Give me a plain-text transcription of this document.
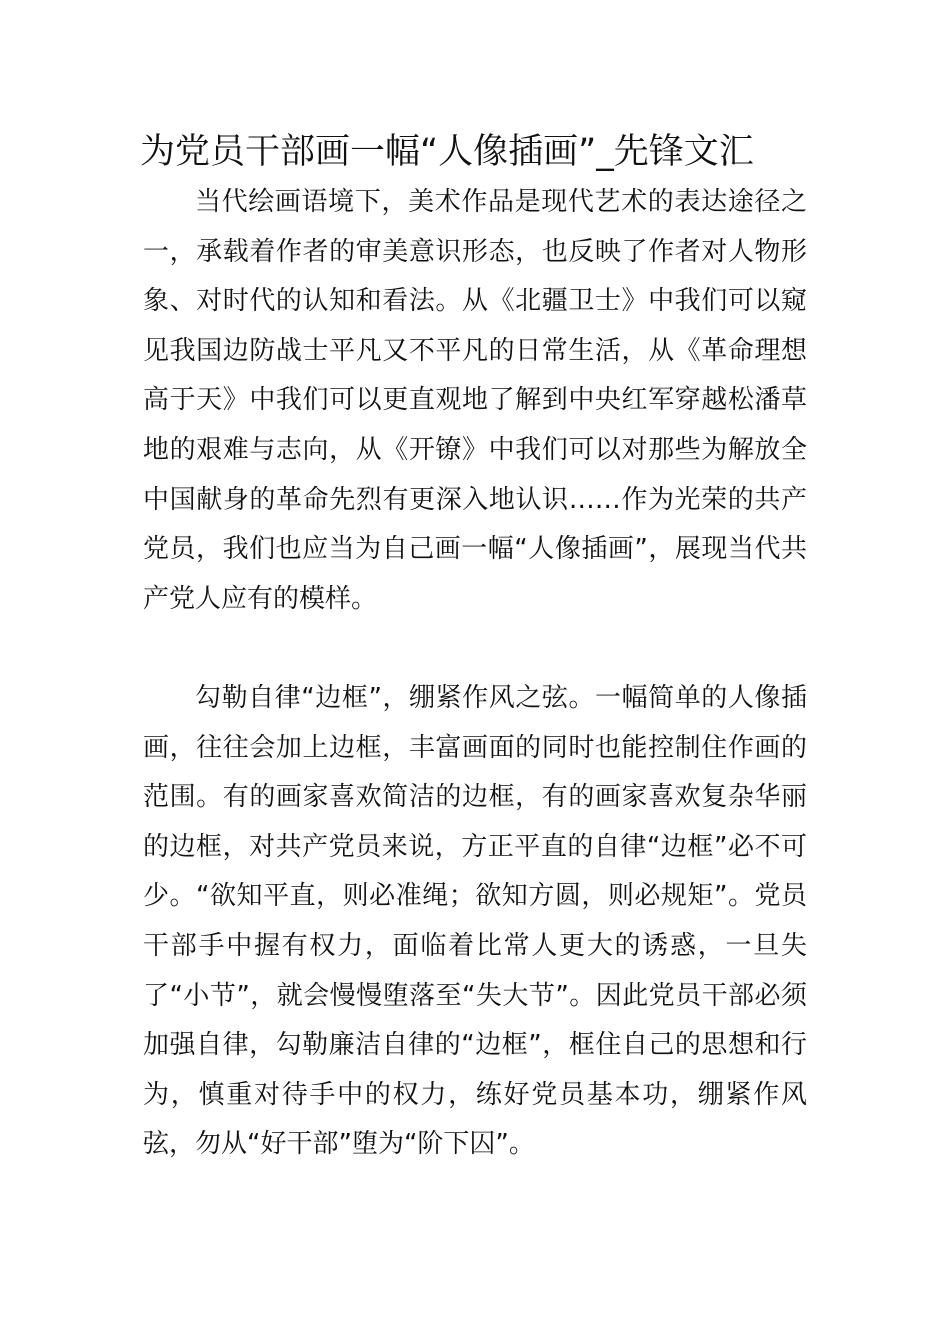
为党员干部画一幅“人像插画”_先锋文汇

当代绘画语境下，美术作品是现代艺术的表达途径之一，承载着作者的审美意识形态，也反映了作者对人物形象、对时代的认知和看法。从《北疆卫士》中我们可以窥见我国边防战士平凡又不平凡的日常生活，从《革命理想高于天》中我们可以更直观地了解到中央红军穿越松潘草地的艰难与志向，从《开镣》中我们可以对那些为解放全中国献身的革命先烈有更深入地认识……作为光荣的共产党员，我们也应当为自己画一幅“人像插画”，展现当代共产党人应有的模样。

勾勒自律“边框”，绷紧作风之弦。一幅简单的人像插画，往往会加上边框，丰富画面的同时也能控制住作画的范围。有的画家喜欢简洁的边框，有的画家喜欢复杂华丽的边框，对共产党员来说，方正平直的自律“边框”必不可少。“欲知平直，则必准绳；欲知方圆，则必规矩”。党员干部手中握有权力，面临着比常人更大的诱惑，一旦失了“小节”，就会慢慢堕落至“失大节”。因此党员干部必须加强自律，勾勒廉洁自律的“边框”，框住自己的思想和行为，慎重对待手中的权力，练好党员基本功，绷紧作风弦，勿从“好干部”堕为“阶下囚”。
